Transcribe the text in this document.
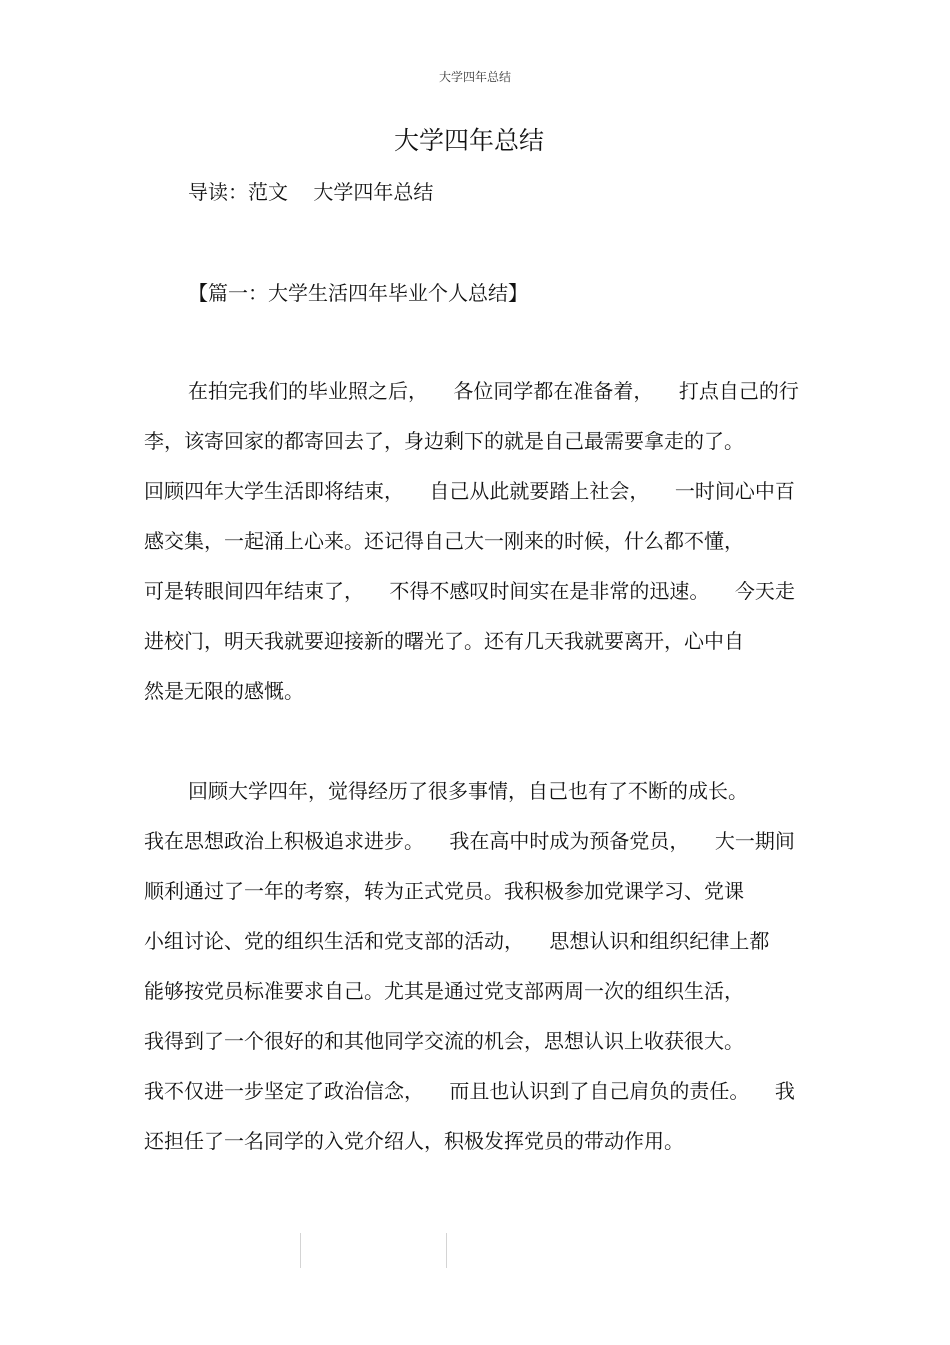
大学四年总结
大学四年总结
导读：范文    大学四年总结
【篇一：大学生活四年毕业个人总结】
在拍完我们的毕业照之后，    各位同学都在准备着，    打点自己的行
李，该寄回家的都寄回去了，身边剩下的就是自己最需要拿走的了。
回顾四年大学生活即将结束，    自己从此就要踏上社会，    一时间心中百
感交集，一起涌上心来。还记得自己大一刚来的时候，什么都不懂，
可是转眼间四年结束了，    不得不感叹时间实在是非常的迅速。    今天走
进校门，明天我就要迎接新的曙光了。还有几天我就要离开，心中自
然是无限的感慨。
回顾大学四年，觉得经历了很多事情，自己也有了不断的成长。
我在思想政治上积极追求进步。    我在高中时成为预备党员，    大一期间
顺利通过了一年的考察，转为正式党员。我积极参加党课学习、党课
小组讨论、党的组织生活和党支部的活动，    思想认识和组织纪律上都
能够按党员标准要求自己。尤其是通过党支部两周一次的组织生活，
我得到了一个很好的和其他同学交流的机会，思想认识上收获很大。
我不仅进一步坚定了政治信念，    而且也认识到了自己肩负的责任。    我
还担任了一名同学的入党介绍人，积极发挥党员的带动作用。
